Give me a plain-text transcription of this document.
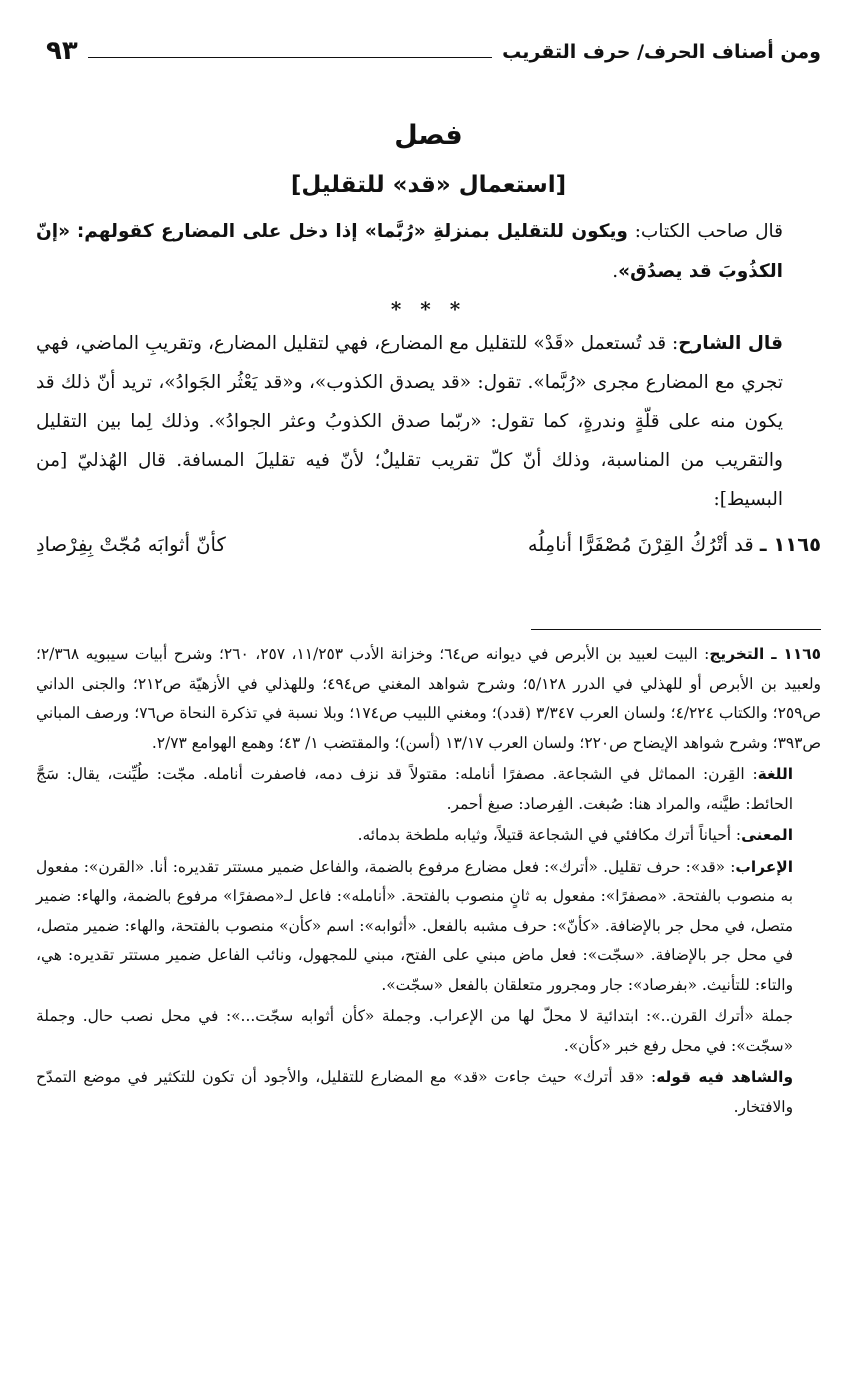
ومن أصناف الحرف/ حرف التقريب
٩٣
فصل
[استعمال «قد» للتقليل]

قال صاحب الكتاب: ويكون للتقليل بمنزلةِ «رُبَّما» إذا دخل على المضارع كقولهم: «إنّ الكذُوبَ قد يصدُق».

* * *

قال الشارح: قد تُستعمل «قَدْ» للتقليل مع المضارع، فهي لتقليل المضارع، وتقريبِ الماضي، فهي تجري مع المضارع مجرى «رُبَّما». تقول: «قد يصدق الكذوب»، و«قد يَعْثُر الجَوادُ»، تريد أنّ ذلك قد يكون منه على قلّةٍ وندرةٍ، كما تقول: «ربّما صدق الكذوبُ وعثر الجوادُ». وذلك لِما بين التقليل والتقريب من المناسبة، وذلك أنّ كلّ تقريب تقليلٌ؛ لأنّ فيه تقليلَ المسافة. قال الهُذليّ [من البسيط]:

١١٦٥ ـ قد أتْرُكُ القِرْنَ مُصْفَرًّا أنامِلُه
كأنّ أثوابَه مُجّتْ بِفِرْصادِ

١١٦٥ ـ التخريج: البيت لعبيد بن الأبرص في ديوانه ص٦٤؛ وخزانة الأدب ١١/٢٥٣، ٢٥٧، ٢٦٠؛ وشرح أبيات سيبويه ٢/٣٦٨؛ ولعبيد بن الأبرص أو للهذلي في الدرر ٥/١٢٨؛ وشرح شواهد المغني ص٤٩٤؛ وللهذلي في الأزهيّة ص٢١٢؛ والجنى الداني ص٢٥٩؛ والكتاب ٤/٢٢٤؛ ولسان العرب ٣/٣٤٧ (قدد)؛ ومغني اللبيب ص١٧٤؛ وبلا نسبة في تذكرة النحاة ص٧٦؛ ورصف المباني ص٣٩٣؛ وشرح شواهد الإيضاح ص٢٢٠؛ ولسان العرب ١٣/١٧ (أسن)؛ والمقتضب ١/ ٤٣؛ وهمع الهوامع ٢/٧٣.

اللغة: القِرن: المماثل في الشجاعة. مصفرًا أنامله: مقتولاً قد نزف دمه، فاصفرت أنامله. مجّت: طُيِّنت، يقال: سَجَّ الحائط: طيَّنه، والمراد هنا: صُبغت. الفِرصاد: صبغ أحمر.

المعنى: أحياناً أترك مكافئي في الشجاعة قتيلاً، وثيابه ملطخة بدمائه.

الإعراب: «قد»: حرف تقليل. «أترك»: فعل مضارع مرفوع بالضمة، والفاعل ضمير مستتر تقديره: أنا. «القرن»: مفعول به منصوب بالفتحة. «مصفرًا»: مفعول به ثانٍ منصوب بالفتحة. «أنامله»: فاعل لـ«مصفرًا» مرفوع بالضمة، والهاء: ضمير متصل، في محل جر بالإضافة. «كأنّ»: حرف مشبه بالفعل. «أثوابه»: اسم «كأن» منصوب بالفتحة، والهاء: ضمير متصل، في محل جر بالإضافة. «سجّت»: فعل ماض مبني على الفتح، مبني للمجهول، ونائب الفاعل ضمير مستتر تقديره: هي، والتاء: للتأنيث. «بفرصاد»: جار ومجرور متعلقان بالفعل «سجّت».

جملة «أترك القرن..»: ابتدائية لا محلّ لها من الإعراب. وجملة «كأن أثوابه سجّت...»: في محل نصب حال. وجملة «سجّت»: في محل رفع خبر «كأن».

والشاهد فيه قوله: «قد أترك» حيث جاءت «قد» مع المضارع للتقليل، والأجود أن تكون للتكثير في موضع التمدّح والافتخار.
